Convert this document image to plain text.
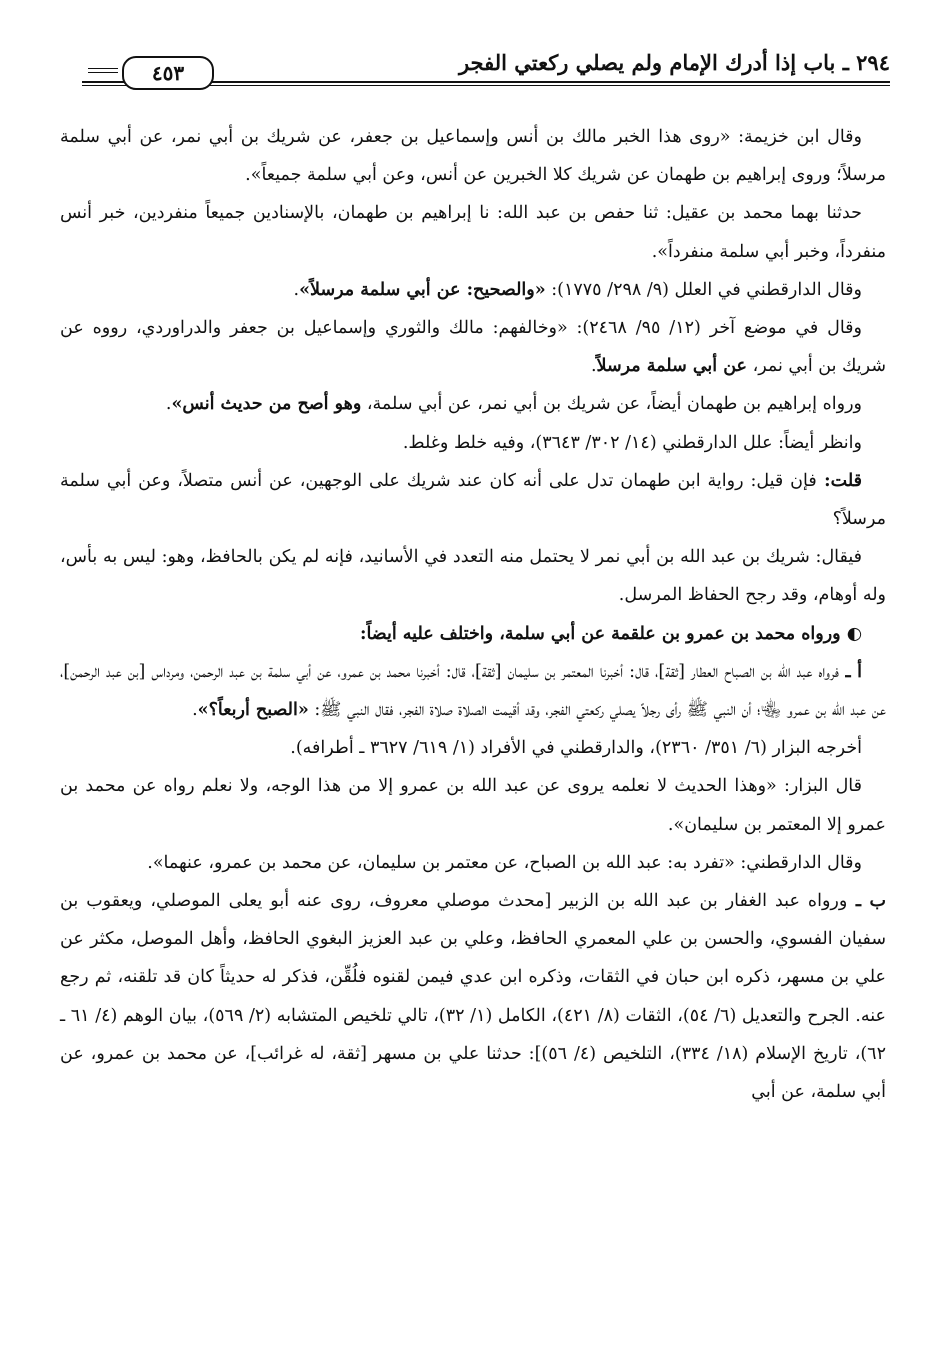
٢٩٤ ـ باب إذا أدرك الإمام ولم يصلي ركعتي الفجر
٤٥٣

وقال ابن خزيمة: «روى هذا الخبر مالك بن أنس وإسماعيل بن جعفر، عن شريك بن أبي نمر، عن أبي سلمة مرسلاً؛ وروى إبراهيم بن طهمان عن شريك كلا الخبرين عن أنس، وعن أبي سلمة جميعاً».

حدثنا بهما محمد بن عقيل: ثنا حفص بن عبد الله: نا إبراهيم بن طهمان، بالإسنادين جميعاً منفردين، خبر أنس منفرداً، وخبر أبي سلمة منفرداً».

وقال الدارقطني في العلل (٩/ ٢٩٨/ ١٧٧٥): «والصحيح: عن أبي سلمة مرسلاً».

وقال في موضع آخر (١٢/ ٩٥/ ٢٤٦٨): «وخالفهم: مالك والثوري وإسماعيل بن جعفر والدراوردي، رووه عن شريك بن أبي نمر، عن أبي سلمة مرسلاً.

ورواه إبراهيم بن طهمان أيضاً، عن شريك بن أبي نمر، عن أبي سلمة، وهو أصح من حديث أنس».

وانظر أيضاً: علل الدارقطني (١٤/ ٣٠٢/ ٣٦٤٣)، وفيه خلط وغلط.

قلت: فإن قيل: رواية ابن طهمان تدل على أنه كان عند شريك على الوجهين، عن أنس متصلاً، وعن أبي سلمة مرسلاً؟

فيقال: شريك بن عبد الله بن أبي نمر لا يحتمل منه التعدد في الأسانيد، فإنه لم يكن بالحافظ، وهو: ليس به بأس، وله أوهام، وقد رجح الحفاظ المرسل.

◐ ورواه محمد بن عمرو بن علقمة عن أبي سلمة، واختلف عليه أيضاً:

أ ـ فرواه عبد الله بن الصباح العطار [ثقة]، قال: أخبرنا المعتمر بن سليمان [ثقة]، قال: أخبرنا محمد بن عمرو، عن أبي سلمة بن عبد الرحمن، ومرداس [بن عبد الرحمن]، عن عبد الله بن عمرو ﵄؛ أن النبي ﷺ رأى رجلاً يصلي ركعتي الفجر، وقد أقيمت الصلاة صلاة الفجر، فقال النبي ﷺ: «الصبح أربعاً؟».

أخرجه البزار (٦/ ٣٥١/ ٢٣٦٠)، والدارقطني في الأفراد (١/ ٦١٩/ ٣٦٢٧ ـ أطرافه).

قال البزار: «وهذا الحديث لا نعلمه يروى عن عبد الله بن عمرو إلا من هذا الوجه، ولا نعلم رواه عن محمد بن عمرو إلا المعتمر بن سليمان».

وقال الدارقطني: «تفرد به: عبد الله بن الصباح، عن معتمر بن سليمان، عن محمد بن عمرو، عنهما».

ب ـ ورواه عبد الغفار بن عبد الله بن الزبير [محدث موصلي معروف، روى عنه أبو يعلى الموصلي، ويعقوب بن سفيان الفسوي، والحسن بن علي المعمري الحافظ، وعلي بن عبد العزيز البغوي الحافظ، وأهل الموصل، مكثر عن علي بن مسهر، ذكره ابن حبان في الثقات، وذكره ابن عدي فيمن لقنوه فلُقِّن، فذكر له حديثاً كان قد تلقنه، ثم رجع عنه. الجرح والتعديل (٦/ ٥٤)، الثقات (٨/ ٤٢١)، الكامل (١/ ٣٢)، تالي تلخيص المتشابه (٢/ ٥٦٩)، بيان الوهم (٤/ ٦١ ـ ٦٢)، تاريخ الإسلام (١٨/ ٣٣٤)، التلخيص (٤/ ٥٦)]: حدثنا علي بن مسهر [ثقة، له غرائب]، عن محمد بن عمرو، عن أبي سلمة، عن أبي
